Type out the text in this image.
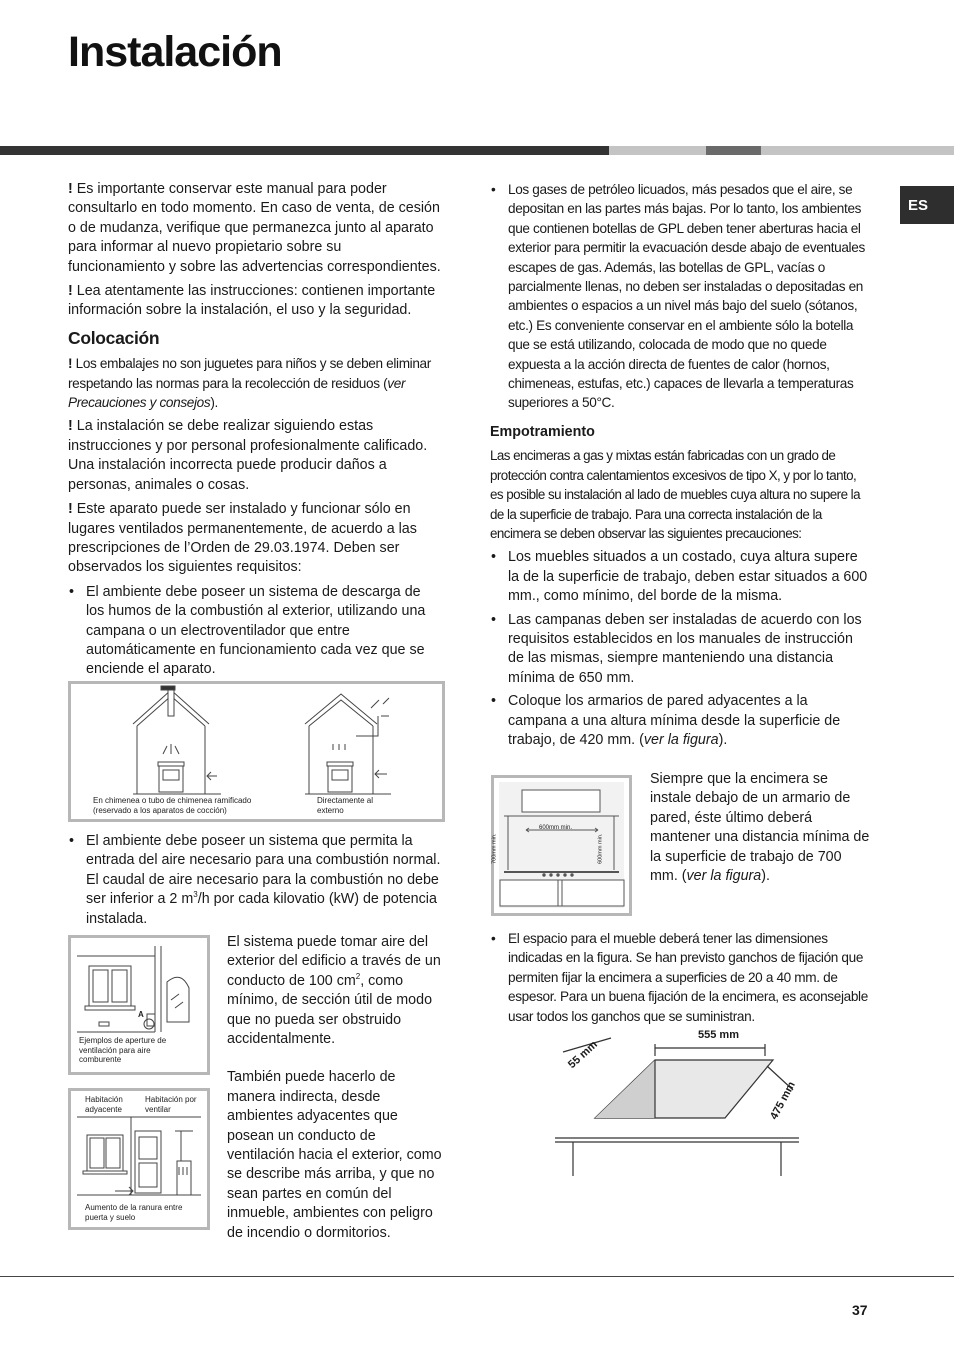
Instalación
ES

! Es importante conservar este manual para poder consultarlo en todo momento. En caso de venta, de cesión o de mudanza, verifique que permanezca junto al aparato para informar al nuevo propietario sobre su funcionamiento y sobre las advertencias correspondientes.

! Lea atentamente las instrucciones: contienen importante información sobre la instalación, el uso y la seguridad.

Colocación

! Los embalajes no son juguetes para niños y se deben eliminar respetando las normas para la recolección de residuos (ver Precauciones y consejos).

! La instalación se debe realizar siguiendo estas instrucciones y por personal profesionalmente calificado. Una instalación incorrecta puede producir daños a personas, animales o cosas.

! Este aparato puede ser instalado y funcionar sólo en lugares ventilados permanentemente, de acuerdo a las prescripciones de l’Orden de 29.03.1974. Deben ser observados los siguientes requisitos:

• El ambiente debe poseer un sistema de descarga de los humos de la combustión al exterior, utilizando una campana o un electroventilador que entre automáticamente en funcionamiento cada vez que se enciende el aparato.
En chimenea o tubo de chimenea ramificado (reservado a los aparatos de cocción)
Directamente al externo
• El ambiente debe poseer un sistema que permita la entrada del aire necesario para una combustión normal. El caudal de aire necesario para la combustión no debe ser inferior a 2 $m^3/h$ por cada kilovatio (kW) de potencia instalada.
A
Ejemplos de aperture de ventilación para aire comburente
Habitación adyacente
Habitación por ventilar
Aumento de la ranura entre puerta y suelo

El sistema puede tomar aire del exterior del edificio a través de un conducto de 100 $cm^2$, como mínimo, de sección útil de modo que no pueda ser obstruido accidentalmente.

También puede hacerlo de manera indirecta, desde ambientes adyacentes que posean un conducto de ventilación hacia el exterior, como se describe más arriba, y que no sean partes en común del inmueble, ambientes con peligro de incendio o dormitorios.

• Los gases de petróleo licuados, más pesados que el aire, se depositan en las partes más bajas. Por lo tanto, los ambientes que contienen botellas de GPL deben tener aberturas hacia el exterior para permitir la evacuación desde abajo de eventuales escapes de gas. Además, las botellas de GPL, vacías o parcialmente llenas, no deben ser instaladas o depositadas en ambientes o espacios a un nivel más bajo del suelo (sótanos, etc.) Es conveniente conservar en el ambiente sólo la botella que se está utilizando, colocada de modo que no quede expuesta a la acción directa de fuentes de calor (hornos, chimeneas, estufas, etc.) capaces de llevarla a temperaturas superiores a 50°C.
Empotramiento

Las encimeras a gas y mixtas están fabricadas con un grado de protección contra calentamientos excesivos de tipo X, y por lo tanto, es posible su instalación al lado de muebles cuya altura no supere la de la superficie de trabajo. Para una correcta instalación de la encimera se deben observar las siguientes precauciones:

• Los muebles situados a un costado, cuya altura supere la de la superficie de trabajo, deben estar situados a 600 mm., como mínimo, del borde de la misma.
• Las campanas deben ser instaladas de acuerdo con los requisitos establecidos en los manuales de instrucción de las mismas, siempre manteniendo una distancia mínima de 650 mm.
• Coloque los armarios de pared adyacentes a la campana a una altura mínima desde la superficie de trabajo, de 420 mm. (ver la figura).
600mm min.
700mm min.	600mm min.

Siempre que la encimera se instale debajo de un armario de pared, éste último deberá mantener una distancia mínima de la superficie de trabajo de 700 mm. (ver la figura).

• El espacio para el mueble deberá tener las dimensiones indicadas en la figura. Se han previsto ganchos de fijación que permiten fijar la encimera a superficies de 20 a 40 mm. de espesor. Para un buena fijación de la encimera, es aconsejable usar todos los ganchos que se suministran.
555 mm
55 mm
475 mm
37
